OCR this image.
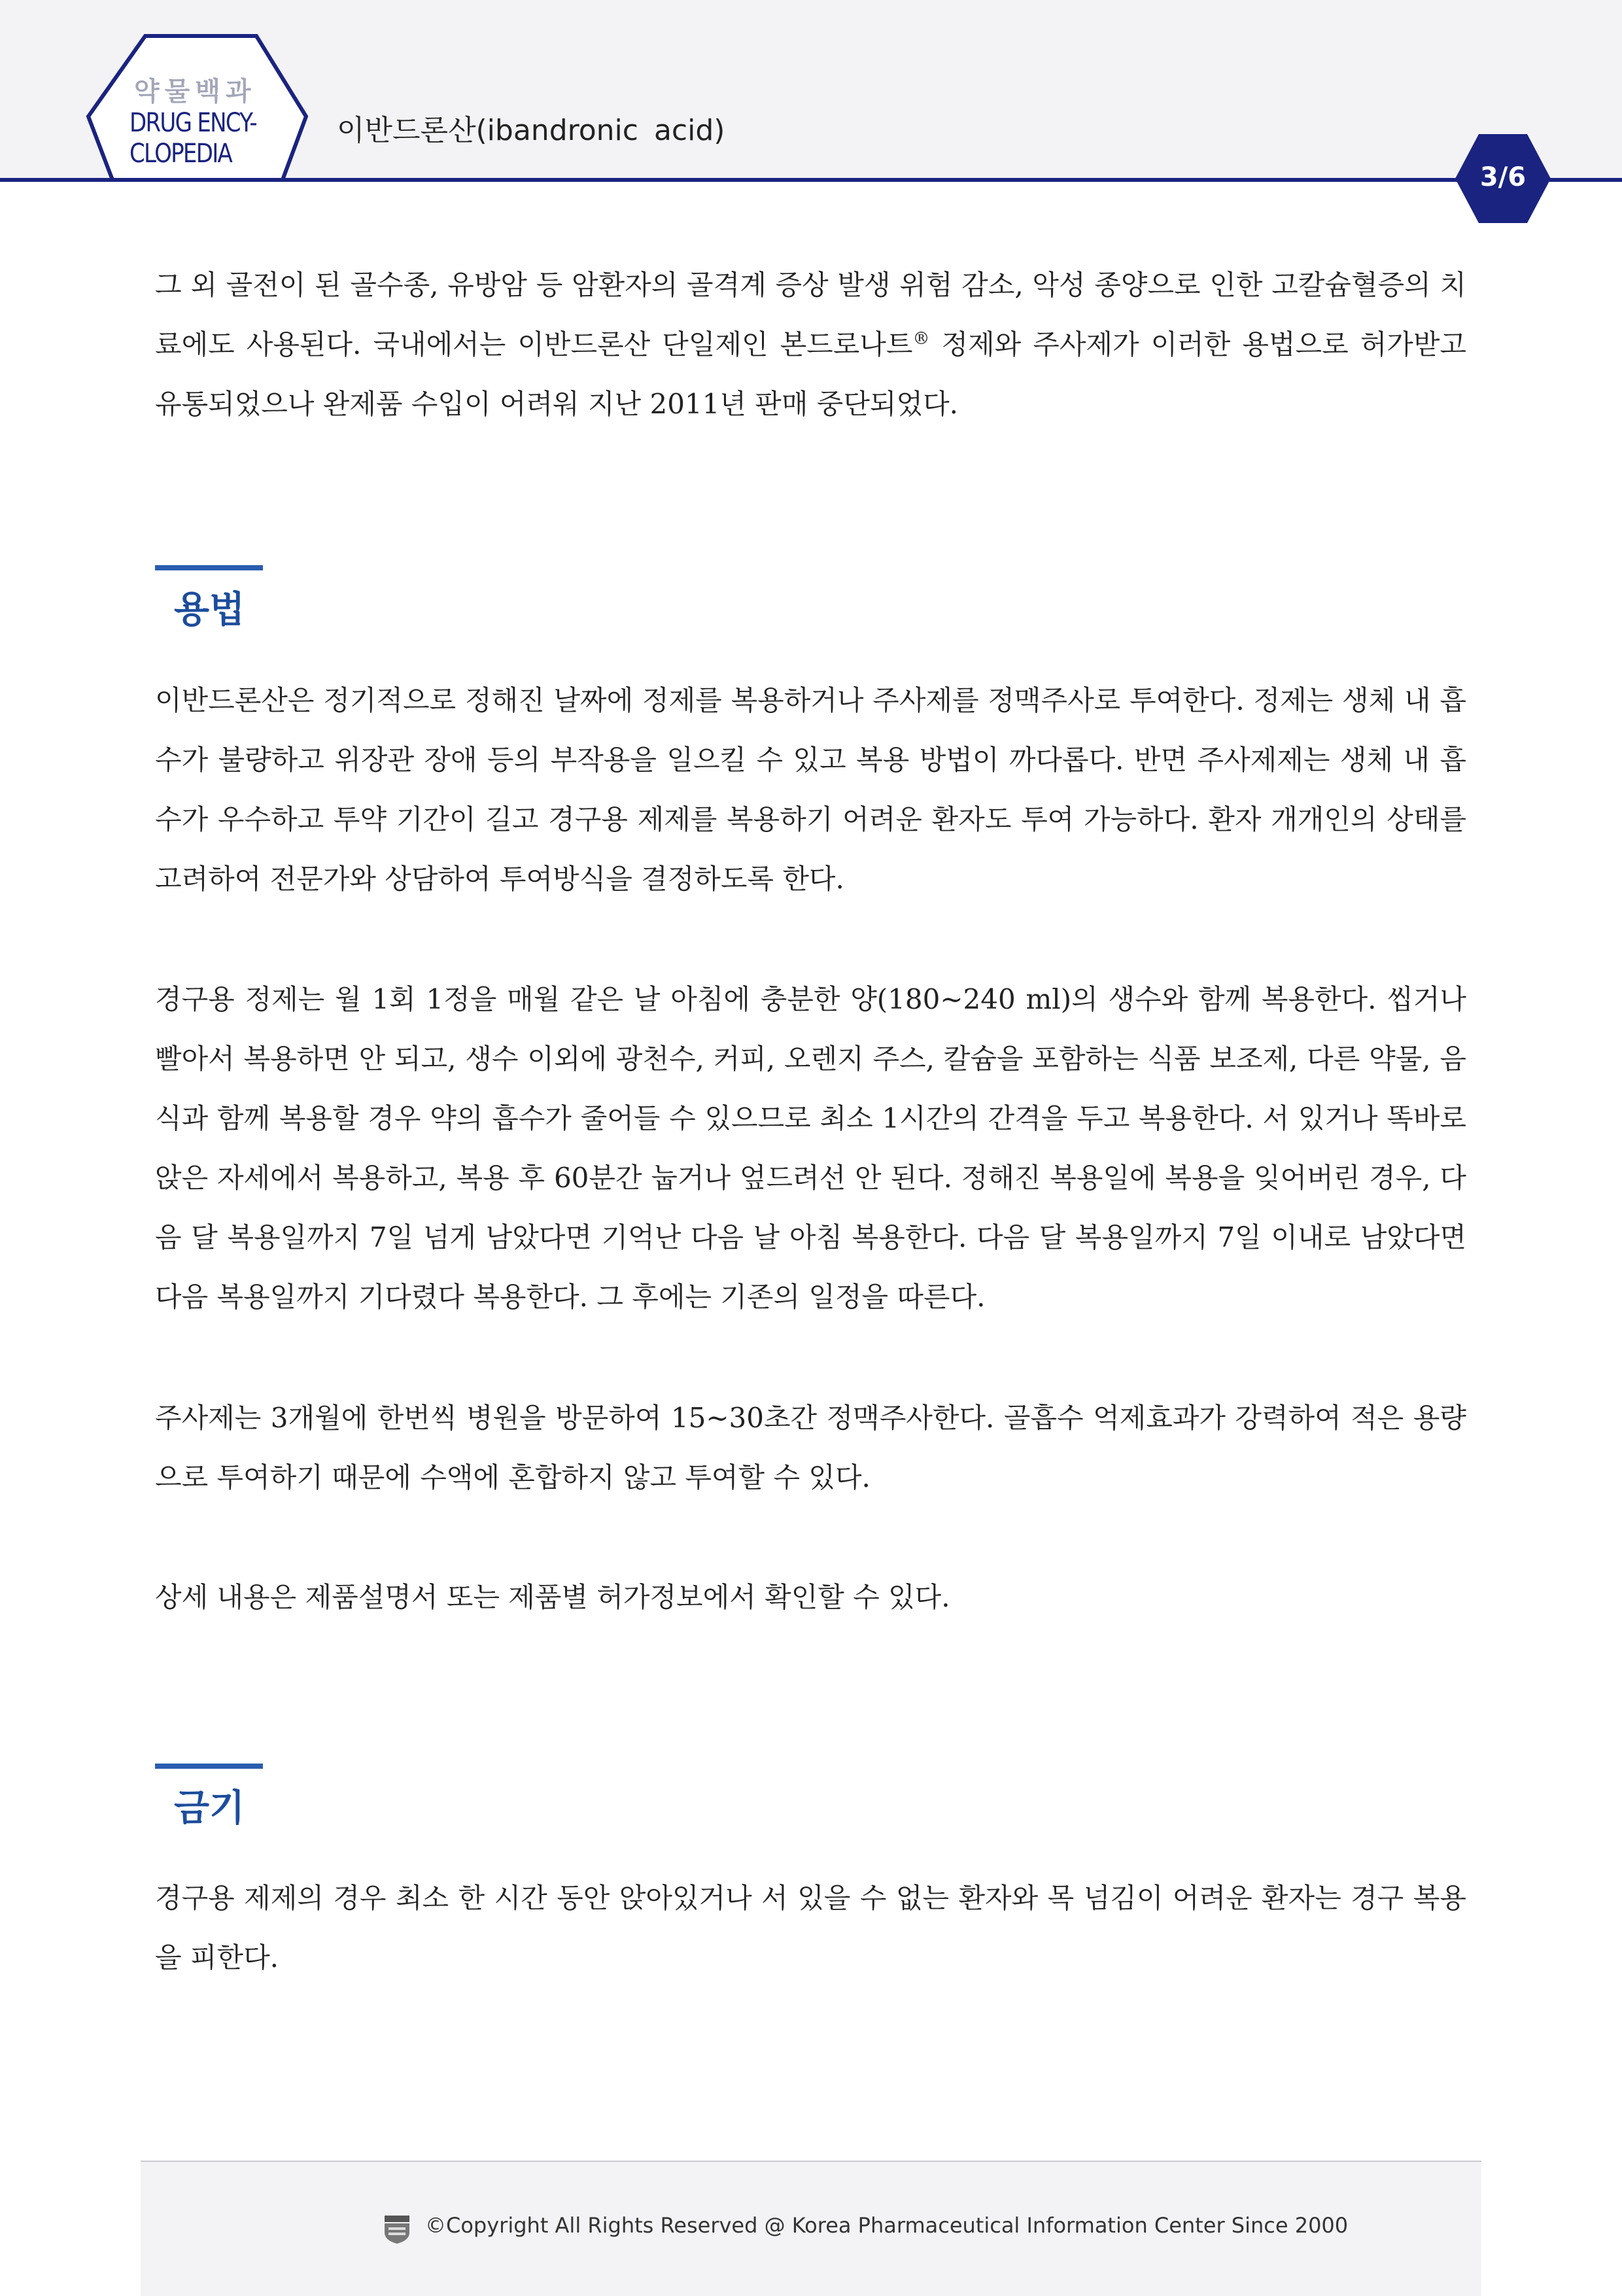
약물백과
DRUG ENCY-
CLOPEDIA
이반드론산(ibandronic acid)
3/6

그 외 골전이 된 골수종, 유방암 등 암환자의 골격계 증상 발생 위험 감소, 악성 종양으로 인한 고칼슘혈증의 치료에도 사용된다. 국내에서는 이반드론산 단일제인 본드로나트® 정제와 주사제가 이러한 용법으로 허가받고 유통되었으나 완제품 수입이 어려워 지난 2011년 판매 중단되었다.

용법

이반드론산은 정기적으로 정해진 날짜에 정제를 복용하거나 주사제를 정맥주사로 투여한다. 정제는 생체 내 흡수가 불량하고 위장관 장애 등의 부작용을 일으킬 수 있고 복용 방법이 까다롭다. 반면 주사제제는 생체 내 흡수가 우수하고 투약 기간이 길고 경구용 제제를 복용하기 어려운 환자도 투여 가능하다. 환자 개개인의 상태를 고려하여 전문가와 상담하여 투여방식을 결정하도록 한다.

경구용 정제는 월 1회 1정을 매월 같은 날 아침에 충분한 양(180~240 ml)의 생수와 함께 복용한다. 씹거나 빨아서 복용하면 안 되고, 생수 이외에 광천수, 커피, 오렌지 주스, 칼슘을 포함하는 식품 보조제, 다른 약물, 음식과 함께 복용할 경우 약의 흡수가 줄어들 수 있으므로 최소 1시간의 간격을 두고 복용한다. 서 있거나 똑바로 앉은 자세에서 복용하고, 복용 후 60분간 눕거나 엎드려선 안 된다. 정해진 복용일에 복용을 잊어버린 경우, 다음 달 복용일까지 7일 넘게 남았다면 기억난 다음 날 아침 복용한다. 다음 달 복용일까지 7일 이내로 남았다면 다음 복용일까지 기다렸다 복용한다. 그 후에는 기존의 일정을 따른다.

주사제는 3개월에 한번씩 병원을 방문하여 15~30초간 정맥주사한다. 골흡수 억제효과가 강력하여 적은 용량으로 투여하기 때문에 수액에 혼합하지 않고 투여할 수 있다.

상세 내용은 제품설명서 또는 제품별 허가정보에서 확인할 수 있다.

금기

경구용 제제의 경우 최소 한 시간 동안 앉아있거나 서 있을 수 없는 환자와 목 넘김이 어려운 환자는 경구 복용을 피한다.

©Copyright All Rights Reserved @ Korea Pharmaceutical Information Center Since 2000
